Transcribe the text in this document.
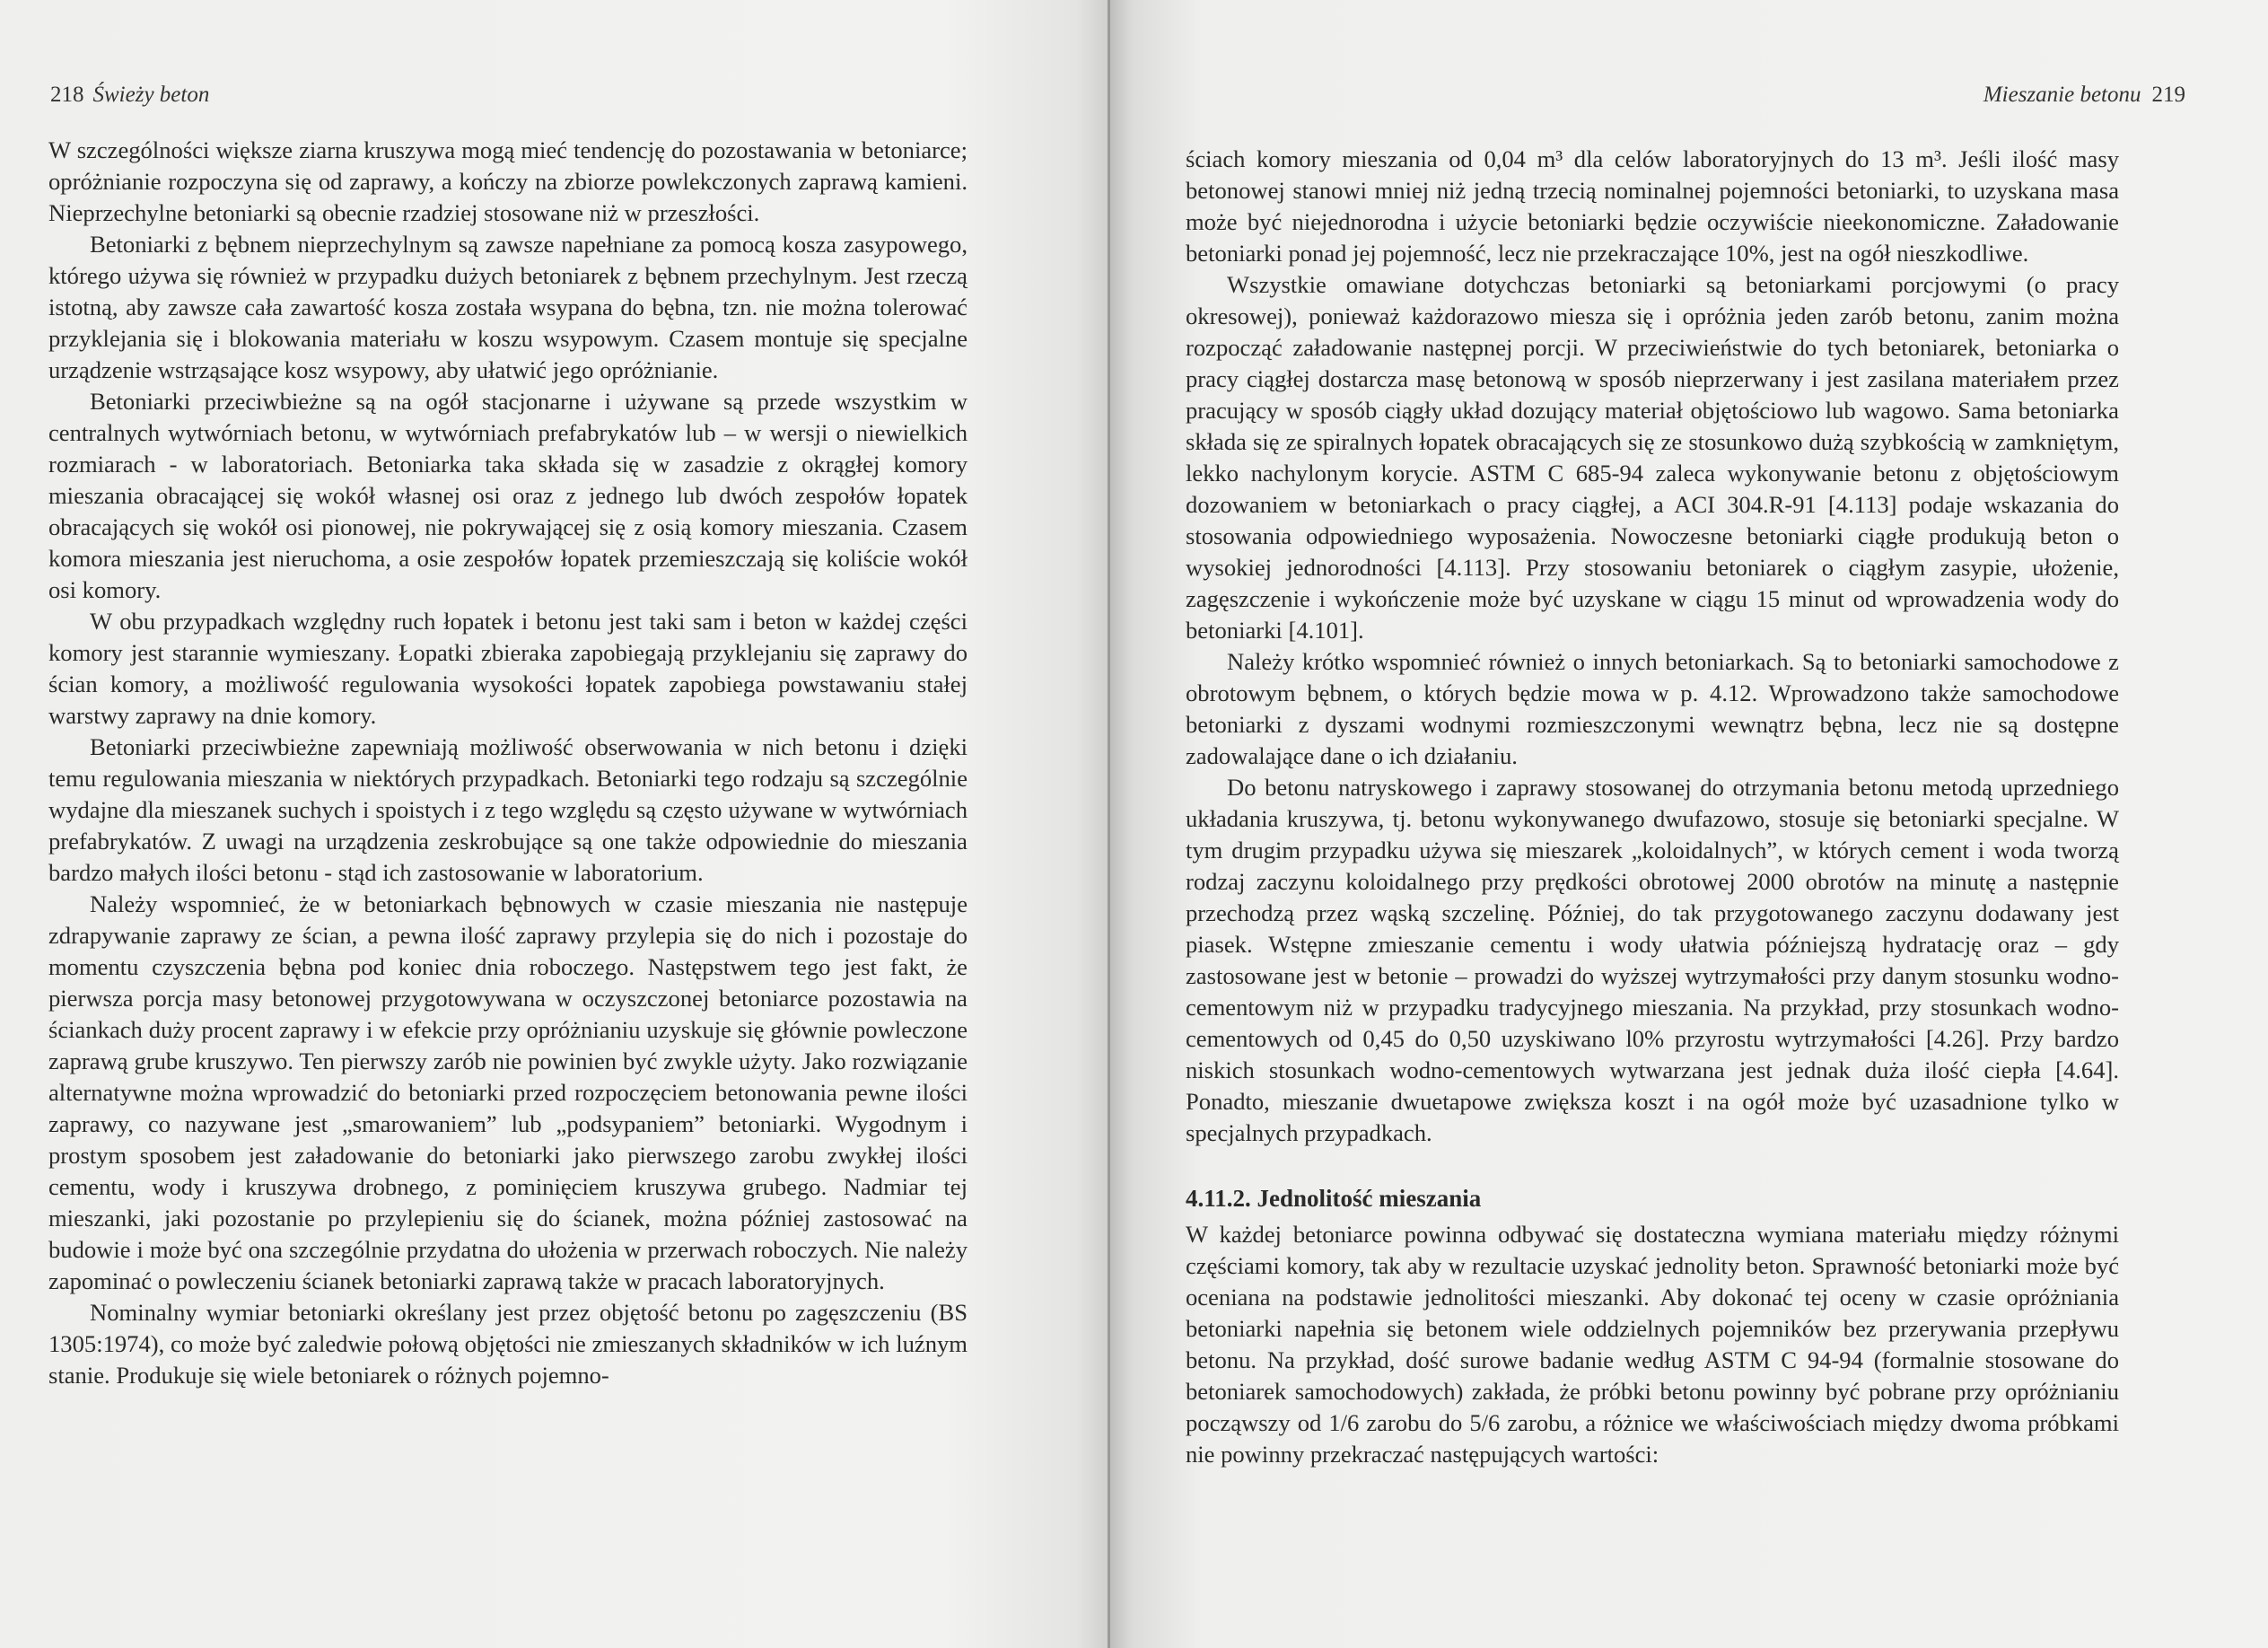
218 Świeży beton

W szczególności większe ziarna kruszywa mogą mieć tendencję do pozostawania w betoniarce; opróżnianie rozpoczyna się od zaprawy, a kończy na zbiorze powlekczonych zaprawą kamieni. Nieprzechylne betoniarki są obecnie rzadziej stosowane niż w przeszłości.

Betoniarki z bębnem nieprzechylnym są zawsze napełniane za pomocą kosza zasypowego, którego używa się również w przypadku dużych betoniarek z bębnem przechylnym. Jest rzeczą istotną, aby zawsze cała zawartość kosza została wsypana do bębna, tzn. nie można tolerować przyklejania się i blokowania materiału w koszu wsypowym. Czasem montuje się specjalne urządzenie wstrząsające kosz wsypowy, aby ułatwić jego opróżnianie.

Betoniarki przeciwbieżne są na ogół stacjonarne i używane są przede wszystkim w centralnych wytwórniach betonu, w wytwórniach prefabrykatów lub – w wersji o niewielkich rozmiarach - w laboratoriach. Betoniarka taka składa się w zasadzie z okrągłej komory mieszania obracającej się wokół własnej osi oraz z jednego lub dwóch zespołów łopatek obracających się wokół osi pionowej, nie pokrywającej się z osią komory mieszania. Czasem komora mieszania jest nieruchoma, a osie zespołów łopatek przemieszczają się koliście wokół osi komory.

W obu przypadkach względny ruch łopatek i betonu jest taki sam i beton w każdej części komory jest starannie wymieszany. Łopatki zbieraka zapobiegają przyklejaniu się zaprawy do ścian komory, a możliwość regulowania wysokości łopatek zapobiega powstawaniu stałej warstwy zaprawy na dnie komory.

Betoniarki przeciwbieżne zapewniają możliwość obserwowania w nich betonu i dzięki temu regulowania mieszania w niektórych przypadkach. Betoniarki tego rodzaju są szczególnie wydajne dla mieszanek suchych i spoistych i z tego względu są często używane w wytwórniach prefabrykatów. Z uwagi na urządzenia zeskrobujące są one także odpowiednie do mieszania bardzo małych ilości betonu - stąd ich zastosowanie w laboratorium.

Należy wspomnieć, że w betoniarkach bębnowych w czasie mieszania nie następuje zdrapywanie zaprawy ze ścian, a pewna ilość zaprawy przylepia się do nich i pozostaje do momentu czyszczenia bębna pod koniec dnia roboczego. Następstwem tego jest fakt, że pierwsza porcja masy betonowej przygotowywana w oczyszczonej betoniarce pozostawia na ściankach duży procent zaprawy i w efekcie przy opróżnianiu uzyskuje się głównie powleczone zaprawą grube kruszywo. Ten pierwszy zarób nie powinien być zwykle użyty. Jako rozwiązanie alternatywne można wprowadzić do betoniarki przed rozpoczęciem betonowania pewne ilości zaprawy, co nazywane jest „smarowaniem” lub „podsypaniem” betoniarki. Wygodnym i prostym sposobem jest załadowanie do betoniarki jako pierwszego zarobu zwykłej ilości cementu, wody i kruszywa drobnego, z pominięciem kruszywa grubego. Nadmiar tej mieszanki, jaki pozostanie po przylepieniu się do ścianek, można później zastosować na budowie i może być ona szczególnie przydatna do ułożenia w przerwach roboczych. Nie należy zapominać o powleczeniu ścianek betoniarki zaprawą także w pracach laboratoryjnych.

Nominalny wymiar betoniarki określany jest przez objętość betonu po zagęszczeniu (BS 1305:1974), co może być zaledwie połową objętości nie zmieszanych składników w ich luźnym stanie. Produkuje się wiele betoniarek o różnych pojemno-

Mieszanie betonu 219

ściach komory mieszania od 0,04 m³ dla celów laboratoryjnych do 13 m³. Jeśli ilość masy betonowej stanowi mniej niż jedną trzecią nominalnej pojemności betoniarki, to uzyskana masa może być niejednorodna i użycie betoniarki będzie oczywiście nieekonomiczne. Załadowanie betoniarki ponad jej pojemność, lecz nie przekraczające 10%, jest na ogół nieszkodliwe.

Wszystkie omawiane dotychczas betoniarki są betoniarkami porcjowymi (o pracy okresowej), ponieważ każdorazowo miesza się i opróżnia jeden zarób betonu, zanim można rozpocząć załadowanie następnej porcji. W przeciwieństwie do tych betoniarek, betoniarka o pracy ciągłej dostarcza masę betonową w sposób nieprzerwany i jest zasilana materiałem przez pracujący w sposób ciągły układ dozujący materiał objętościowo lub wagowo. Sama betoniarka składa się ze spiralnych łopatek obracających się ze stosunkowo dużą szybkością w zamkniętym, lekko nachylonym korycie. ASTM C 685-94 zaleca wykonywanie betonu z objętościowym dozowaniem w betoniarkach o pracy ciągłej, a ACI 304.R-91 [4.113] podaje wskazania do stosowania odpowiedniego wyposażenia. Nowoczesne betoniarki ciągłe produkują beton o wysokiej jednorodności [4.113]. Przy stosowaniu betoniarek o ciągłym zasypie, ułożenie, zagęszczenie i wykończenie może być uzyskane w ciągu 15 minut od wprowadzenia wody do betoniarki [4.101].

Należy krótko wspomnieć również o innych betoniarkach. Są to betoniarki samochodowe z obrotowym bębnem, o których będzie mowa w p. 4.12. Wprowadzono także samochodowe betoniarki z dyszami wodnymi rozmieszczonymi wewnątrz bębna, lecz nie są dostępne zadowalające dane o ich działaniu.

Do betonu natryskowego i zaprawy stosowanej do otrzymania betonu metodą uprzedniego układania kruszywa, tj. betonu wykonywanego dwufazowo, stosuje się betoniarki specjalne. W tym drugim przypadku używa się mieszarek „koloidalnych”, w których cement i woda tworzą rodzaj zaczynu koloidalnego przy prędkości obrotowej 2000 obrotów na minutę a następnie przechodzą przez wąską szczelinę. Później, do tak przygotowanego zaczynu dodawany jest piasek. Wstępne zmieszanie cementu i wody ułatwia późniejszą hydratację oraz – gdy zastosowane jest w betonie – prowadzi do wyższej wytrzymałości przy danym stosunku wodno-cementowym niż w przypadku tradycyjnego mieszania. Na przykład, przy stosunkach wodno-cementowych od 0,45 do 0,50 uzyskiwano l0% przyrostu wytrzymałości [4.26]. Przy bardzo niskich stosunkach wodno-cementowych wytwarzana jest jednak duża ilość ciepła [4.64]. Ponadto, mieszanie dwuetapowe zwiększa koszt i na ogół może być uzasadnione tylko w specjalnych przypadkach.

4.11.2. Jednolitość mieszania

W każdej betoniarce powinna odbywać się dostateczna wymiana materiału między różnymi częściami komory, tak aby w rezultacie uzyskać jednolity beton. Sprawność betoniarki może być oceniana na podstawie jednolitości mieszanki. Aby dokonać tej oceny w czasie opróżniania betoniarki napełnia się betonem wiele oddzielnych pojemników bez przerywania przepływu betonu. Na przykład, dość surowe badanie według ASTM C 94-94 (formalnie stosowane do betoniarek samochodowych) zakłada, że próbki betonu powinny być pobrane przy opróżnianiu począwszy od 1/6 zarobu do 5/6 zarobu, a różnice we właściwościach między dwoma próbkami nie powinny przekraczać następujących wartości:
